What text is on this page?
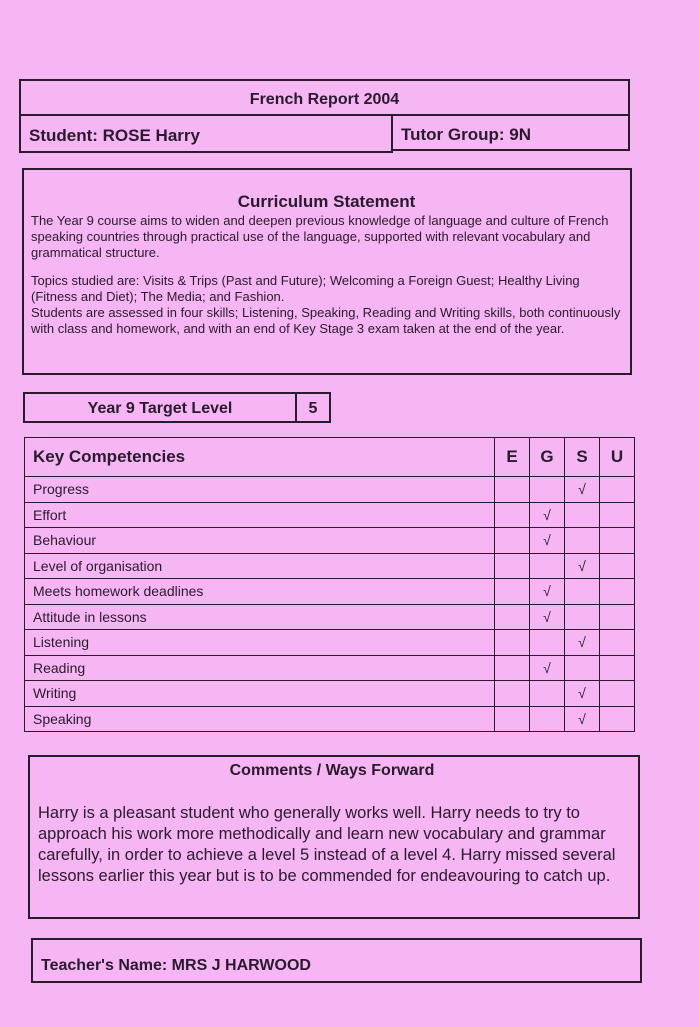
French Report 2004
Student: ROSE Harry	Tutor Group: 9N
Curriculum Statement

The Year 9 course aims to widen and deepen previous knowledge of language and culture of French speaking countries through practical use of the language, supported with relevant vocabulary and grammatical structure.

Topics studied are: Visits & Trips (Past and Future); Welcoming a Foreign Guest; Healthy Living (Fitness and Diet); The Media; and Fashion.

Students are assessed in four skills; Listening, Speaking, Reading and Writing skills, both continuously with class and homework, and with an end of Key Stage 3 exam taken at the end of the year.

Year 9 Target Level	5
Key Competencies	E	G	S	U
Progress			√	
Effort		√		
Behaviour		√		
Level of organisation			√	
Meets homework deadlines		√		
Attitude in lessons		√		
Listening			√	
Reading		√		
Writing			√	
Speaking			√	
Comments / Ways Forward

Harry is a pleasant student who generally works well. Harry needs to try to approach his work more methodically and learn new vocabulary and grammar carefully, in order to achieve a level 5 instead of a level 4. Harry missed several lessons earlier this year but is to be commended for endeavouring to catch up.

Teacher's Name: MRS J HARWOOD
